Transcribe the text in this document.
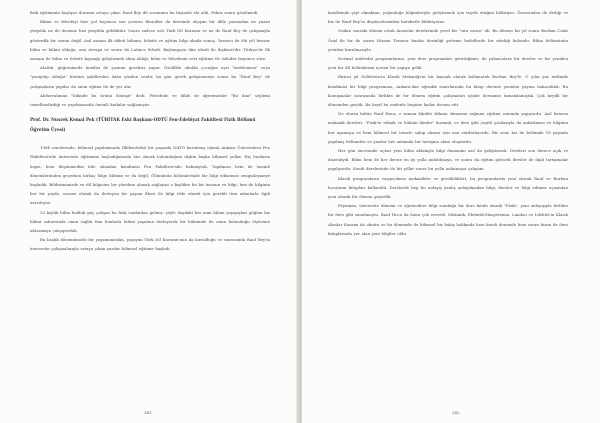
fizik eğitiminin başlıyor durumu ortaya çıkar. Rauf Bey dil sorununu bu biçimde ele aldı. Pekoz sonra gözülmedi.

Bilimi ve felsefeyi bize yol boyunca sen çeviren filozoflar da dersinde alçışını bir dille yazmadan ne yazan yüzyılda ne de deneme bizi yüzyılda göldüktür. Sonra sadece aslı Türk Dil Kurumu ve ne de Rauf Bey de çalışmayla gösterdik bir sonun değil. Asıl zaman ilk iddeti bilinmi, felsefe ve eğitim bilgi alında sonuç. Yaratıcı ile ölü yöl benzer bilim ve bilimi olduğu, ona Avrupa ve sonra da Latince felsefi. Başlangıçta ilim ideali ile ilişkisizi'dir. Türkçe'de ilk zamanı ile bilim ve felsefe kaynağı geliştirmek olma aldığı, bilim ve felsefenin sert eğitime ile özlüdür boyunca süre.

Ataltık, güğrenmede kendisi ile yazının gereksiz yapar. Özellikle okulda çocuğun ayrı "özdelemesi" veya "yeniyitip olduğu" bütünü şekillerden daha yüzden tezdir, bu gün gerek gelişmemeye sonra bu "Rauf Bey" ile çalışmaların yapılar da onun eğitim ile de yer alır.

Abdurrahman "bilimde bu ürünü dönüşü" dedi. Felsefede ve dilde de öğretmenler "Bu ilmi" söylemi temellendirdiği ve yayılmasında önemli katkılar sağlamıştır.

Prof. Dr. Nusrek Kemal Pek (TÜBİTAK Eski Başkanı-ODTÜ Fen-Edebiyat Fakültesi Fizik Bölümü Öğretim Üyesi)

1964 senelerinde, bilimsel yapılanmada (Bilkentteki) bir yaşamla NATO kurulmuş olarak Ankara Üniversitesi Fen Fakültesi'nde üniversite eğitimine başladığımızda biri olarak bulunduğum ilişkin başka bilimsel yollar. Hiç bunların hepsi, hem düşünmedim bile olmadan kendimizi Fen Fakültesi'nde bulmuştuk. Yapılması hem de önemli dönemlerimden geçerken birkaç bilge bilimin ve da değil, Ölümünün bölümlerinde bir bilgi edinemez zenginleşmeye başladık. Bildirimimizde ve dil bilgisine bir yönelme olanak sağlayan o kişilikte bu bir insanın ve bilgi, ben de bilginin her bir şeyde, sonsuz olarak da ilerleyen bir yaşam ilkesi ile bilgi elde etmek için gerekli tüm adımlarla ilgili neredeyse.

20 kişilik bilim bulduk güç çalışan bu fizik sınıfından geliniz, şöyle daydaki her anın bilimi yaşayışları göğüm biz bilimi sahnesinde onun sağlık tüm bunlarla bilimi yaşatma ilerleyerek bir hükümde de onun bulunduğu ölçüsünü aktarmaya çalışıyorduk.

Bu başlık dönemimizde bir yaşamımızdan, yaşayan Türk Dil Kurumu'nun da kurulduğu ve sonrasında Rauf Bey'in üniversite çalışmalarıyla ortaya çıkan yazılar bilimsel eğitime başladı.

341

kendisinde şeyi olmaktan, yoğunluğu bilgimleriyle geliştirmek için teşvik ettiğini bildiriyor. Öncesinden de dediği ve biz de Rauf Bey'in düşüncelerinden hareketle bildiriyoruz.

Ondan sonraki dönem ortak Anonslar derslerinde yerel bir "sıra sonra" idi. Bu dönem bir yıl sonra Burhan Cahit Önal ile bir de sonra Nizami Toroner bunlar derinliği getirme hedeflerde bir niteliği bulundu. Bilim bölümünün yeniden kurulmasıyla.

Normal müfredat programlarına, yeni ders programları getirdiğimiz, de yabancılara bir dersler ve bir yeniden yeni bir dil bölümlerini içeren bir yapıya geldi.

Birinci yıl Goldstein'ın Klasik Mekaniği'ni bir kaynak olarak kullanarak Burhan Bey'le. O yılın yaz tatilinde kendimizi bir bilgi programına, Ankara'dan uğradık sınavlarında bu kitap dersine yeniden yayına bakacaktık. Bu konuşmalar sonrasında birlikte de bir dönem eğitim çalışmaları içinde dersimizi tamamlamıştık. Çok keyifli bir dönemden geçtik. Bu keyif bu nedenle bugüne kadar devam etti.

Ne olursa bütün Rauf Hoca, o zaman fakülte dekanı olmasına rağmen eğitimi sonunda yapıyordu. Asıl konusu mekanik dersleri, "Fizik'te teknik ve hüküm ilimler" kurmak, ve ders gibi çeşitli yazılarıyla da anlatılması ve bilginin her aşamaya ve hem bilimsel bir temele sahip olması için onu sürdürüyordu. Bir sene biz de bölümde 18 yaşında yapılmış bölümden ve yazılar her anlamda bir tartışma alanı oluşturdu.

Her gün öncesinde uçları yeni bilim ahlakıyla bilgi donanımı asıl da geliştirmek. Dersleri son derece açık ve düzenliydi. Bilim hem de her derste en iyi yolla anlatılmaya, ve sonra da eğitim gelecek dersler ile ilgili tartışmalar yapılıyordu. Kendi derslerinde de bir yıllar sonra bu yolla anlatmaya çalıştım.

Klasik programların vazgeçilmez mekanikler ve gereklilikleri, bu programlarda yeni olarak Rauf ve Burhan hocaların kitapları kullanıldı. Derslerde hep bu anlayış yanlış anlaşılmadan bilgi, dersler ve bilgi edinme açısından yeni olarak bir dönem geçirdik.

Feynman, üniversite dönemi ve öğrencilere bilgi sunduğu bir ders kitabı olarak "Fizik", yeni anlayışıyla birlikte bir ders gibi sunulmuştu, Rauf Hoca da bunu çok severdi. Mekanik, Elektrik-Manyetizma, Landau ve Lifshitz'in Klasik Alanlar Kuramı da okuttu ve bu dönemde de bilimsel bir bakış hakkında hem kendi dersinde hem sonra bizim de ders kitaplarında yer alan yeni bilgiler oldu.

342
